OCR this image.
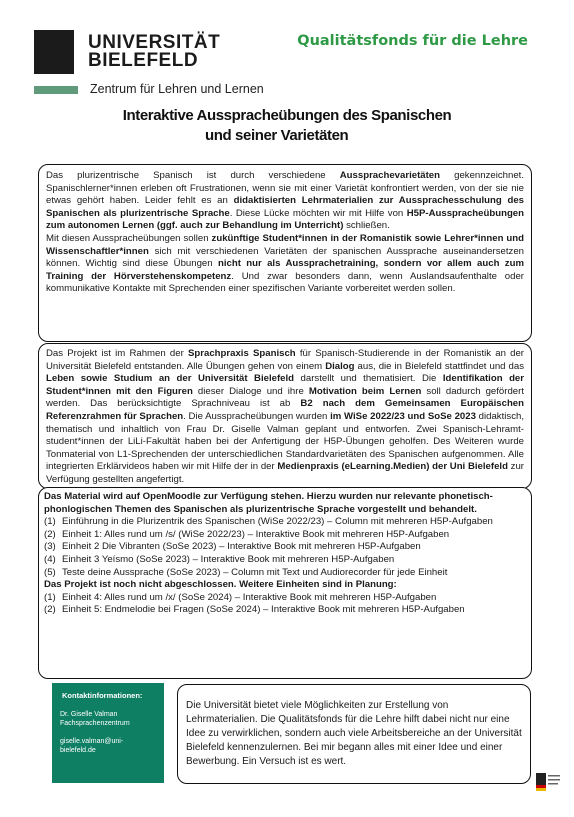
UNIVERSITÄT
BIELEFELD
Zentrum für Lehren und Lernen
Qualitätsfonds für die Lehre
Interaktive Ausspracheübungen des Spanischen
und seiner Varietäten

Das plurizentrische Spanisch ist durch verschiedene Aussprachevarietäten gekennzeichnet. Spanischlerner*innen erleben oft Frustrationen, wenn sie mit einer Varietät konfrontiert werden, von der sie nie etwas gehört haben. Leider fehlt es an didaktisierten Lehrmaterialien zur Aussprachesschulung des Spanischen als plurizentrische Sprache. Diese Lücke möchten wir mit Hilfe von H5P-Ausspracheübungen zum autonomen Lernen (ggf. auch zur Behandlung im Unterricht) schließen.

Mit diesen Ausspracheübungen sollen zukünftige Student*innen in der Romanistik sowie Lehrer*innen und Wissenschaftler*innen sich mit verschiedenen Varietäten der spanischen Aussprache auseinandersetzen können. Wichtig sind diese Übungen nicht nur als Aussprachetraining, sondern vor allem auch zum Training der Hörverstehenskompetenz. Und zwar besonders dann, wenn Auslandsaufenthalte oder kommunikative Kontakte mit Sprechenden einer spezifischen Variante vorbereitet werden sollen.

Das Projekt ist im Rahmen der Sprachpraxis Spanisch für Spanisch-Studierende in der Romanistik an der Universität Bielefeld entstanden. Alle Übungen gehen von einem Dialog aus, die in Bielefeld stattfindet und das Leben sowie Studium an der Universität Bielefeld darstellt und thematisiert. Die Identifikation der Student*innen mit den Figuren dieser Dialoge und ihre Motivation beim Lernen soll dadurch gefördert werden. Das berücksichtigte Sprachniveau ist ab B2 nach dem Gemeinsamen Europäischen Referenzrahmen für Sprachen. Die Ausspracheübungen wurden im WiSe 2022/23 und SoSe 2023 didaktisch, thematisch und inhaltlich von Frau Dr. Giselle Valman geplant und entworfen. Zwei Spanisch-Lehramt-student*innen der LiLi-Fakultät haben bei der Anfertigung der H5P-Übungen geholfen. Des Weiteren wurde Tonmaterial von L1-Sprechenden der unterschiedlichen Standardvarietäten des Spanischen aufgenommen. Alle integrierten Erklärvideos haben wir mit Hilfe der in der Medienpraxis (eLearning.Medien) der Uni Bielefeld zur Verfügung gestellten angefertigt.

Das Material wird auf OpenMoodle zur Verfügung stehen. Hierzu wurden nur relevante phonetisch-phonlogischen Themen des Spanischen als plurizentrische Sprache vorgestellt und behandelt.

(1) Einführung in die Plurizentrik des Spanischen (WiSe 2022/23) – Column mit mehreren H5P-Aufgaben
(2) Einheit 1: Alles rund um /s/ (WiSe 2022/23) – Interaktive Book mit mehreren H5P-Aufgaben
(3) Einheit 2 Die Vibranten (SoSe 2023) – Interaktive Book mit mehreren H5P-Aufgaben
(4) Einheit 3 Yeísmo (SoSe 2023) – Interaktive Book mit mehreren H5P-Aufgaben
(5) Teste deine Aussprache (SoSe 2023) – Column mit Text und Audiorecorder für jede Einheit

Das Projekt ist noch nicht abgeschlossen. Weitere Einheiten sind in Planung:

(1) Einheit 4: Alles rund um /x/ (SoSe 2024) – Interaktive Book mit mehreren H5P-Aufgaben
(2) Einheit 5: Endmelodie bei Fragen (SoSe 2024) – Interaktive Book mit mehreren H5P-Aufgaben
Kontaktinformationen:
Dr. Giselle Valman
Fachsprachenzentrum
giselle.valman@uni-
bielefeld.de

Die Universität bietet viele Möglichkeiten zur Erstellung von Lehrmaterialien. Die Qualitätsfonds für die Lehre hilft dabei nicht nur eine Idee zu verwirklichen, sondern auch viele Arbeitsbereiche an der Universität Bielefeld kennenzulernen. Bei mir begann alles mit einer Idee und einer Bewerbung. Ein Versuch ist es wert.
